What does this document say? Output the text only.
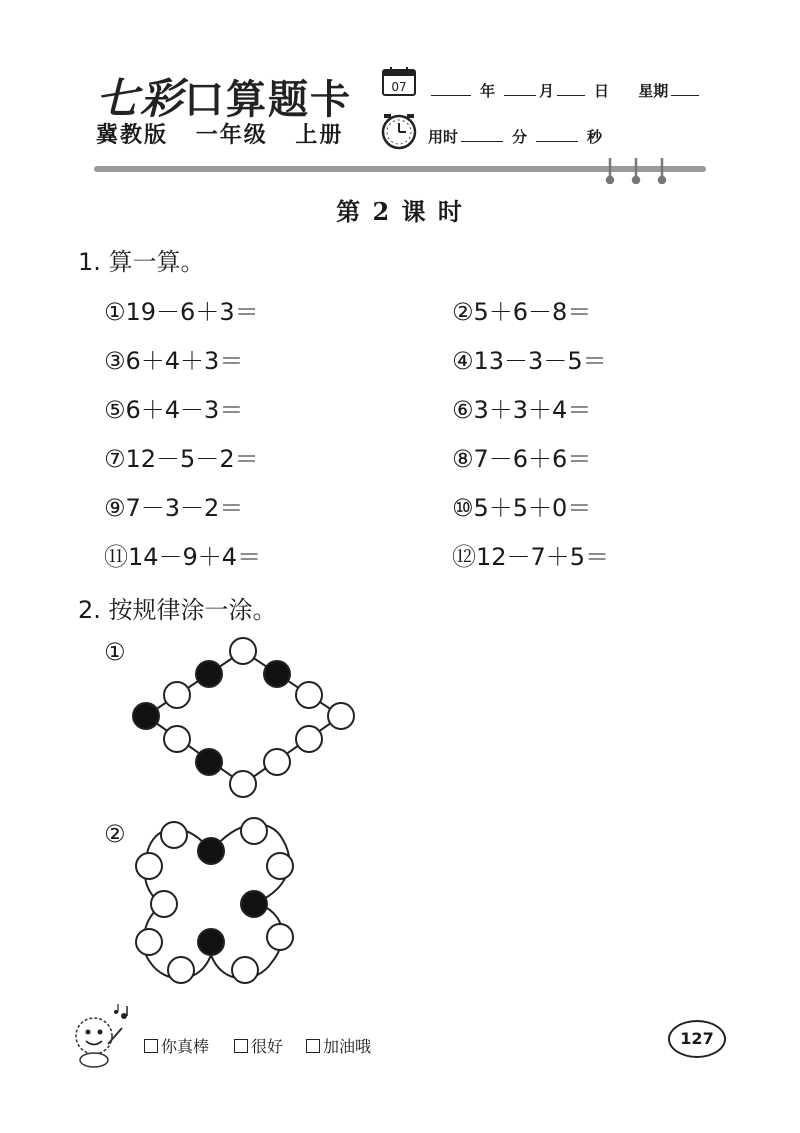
七彩口算题卡
冀教版 一年级 上册
07	年	月	日 星期
用时	分	秒
第 2 课 时
1. 算一算。
①19－6＋3＝	②5＋6－8＝
③6＋4＋3＝	④13－3－5＝
⑤6＋4－3＝	⑥3＋3＋4＝
⑦12－5－2＝	⑧7－6＋6＝
⑨7－3－2＝	⑩5＋5＋0＝
⑪14－9＋4＝	⑫12－7＋5＝
2. 按规律涂一涂。
①
②
你真棒	很好	加油哦	127
